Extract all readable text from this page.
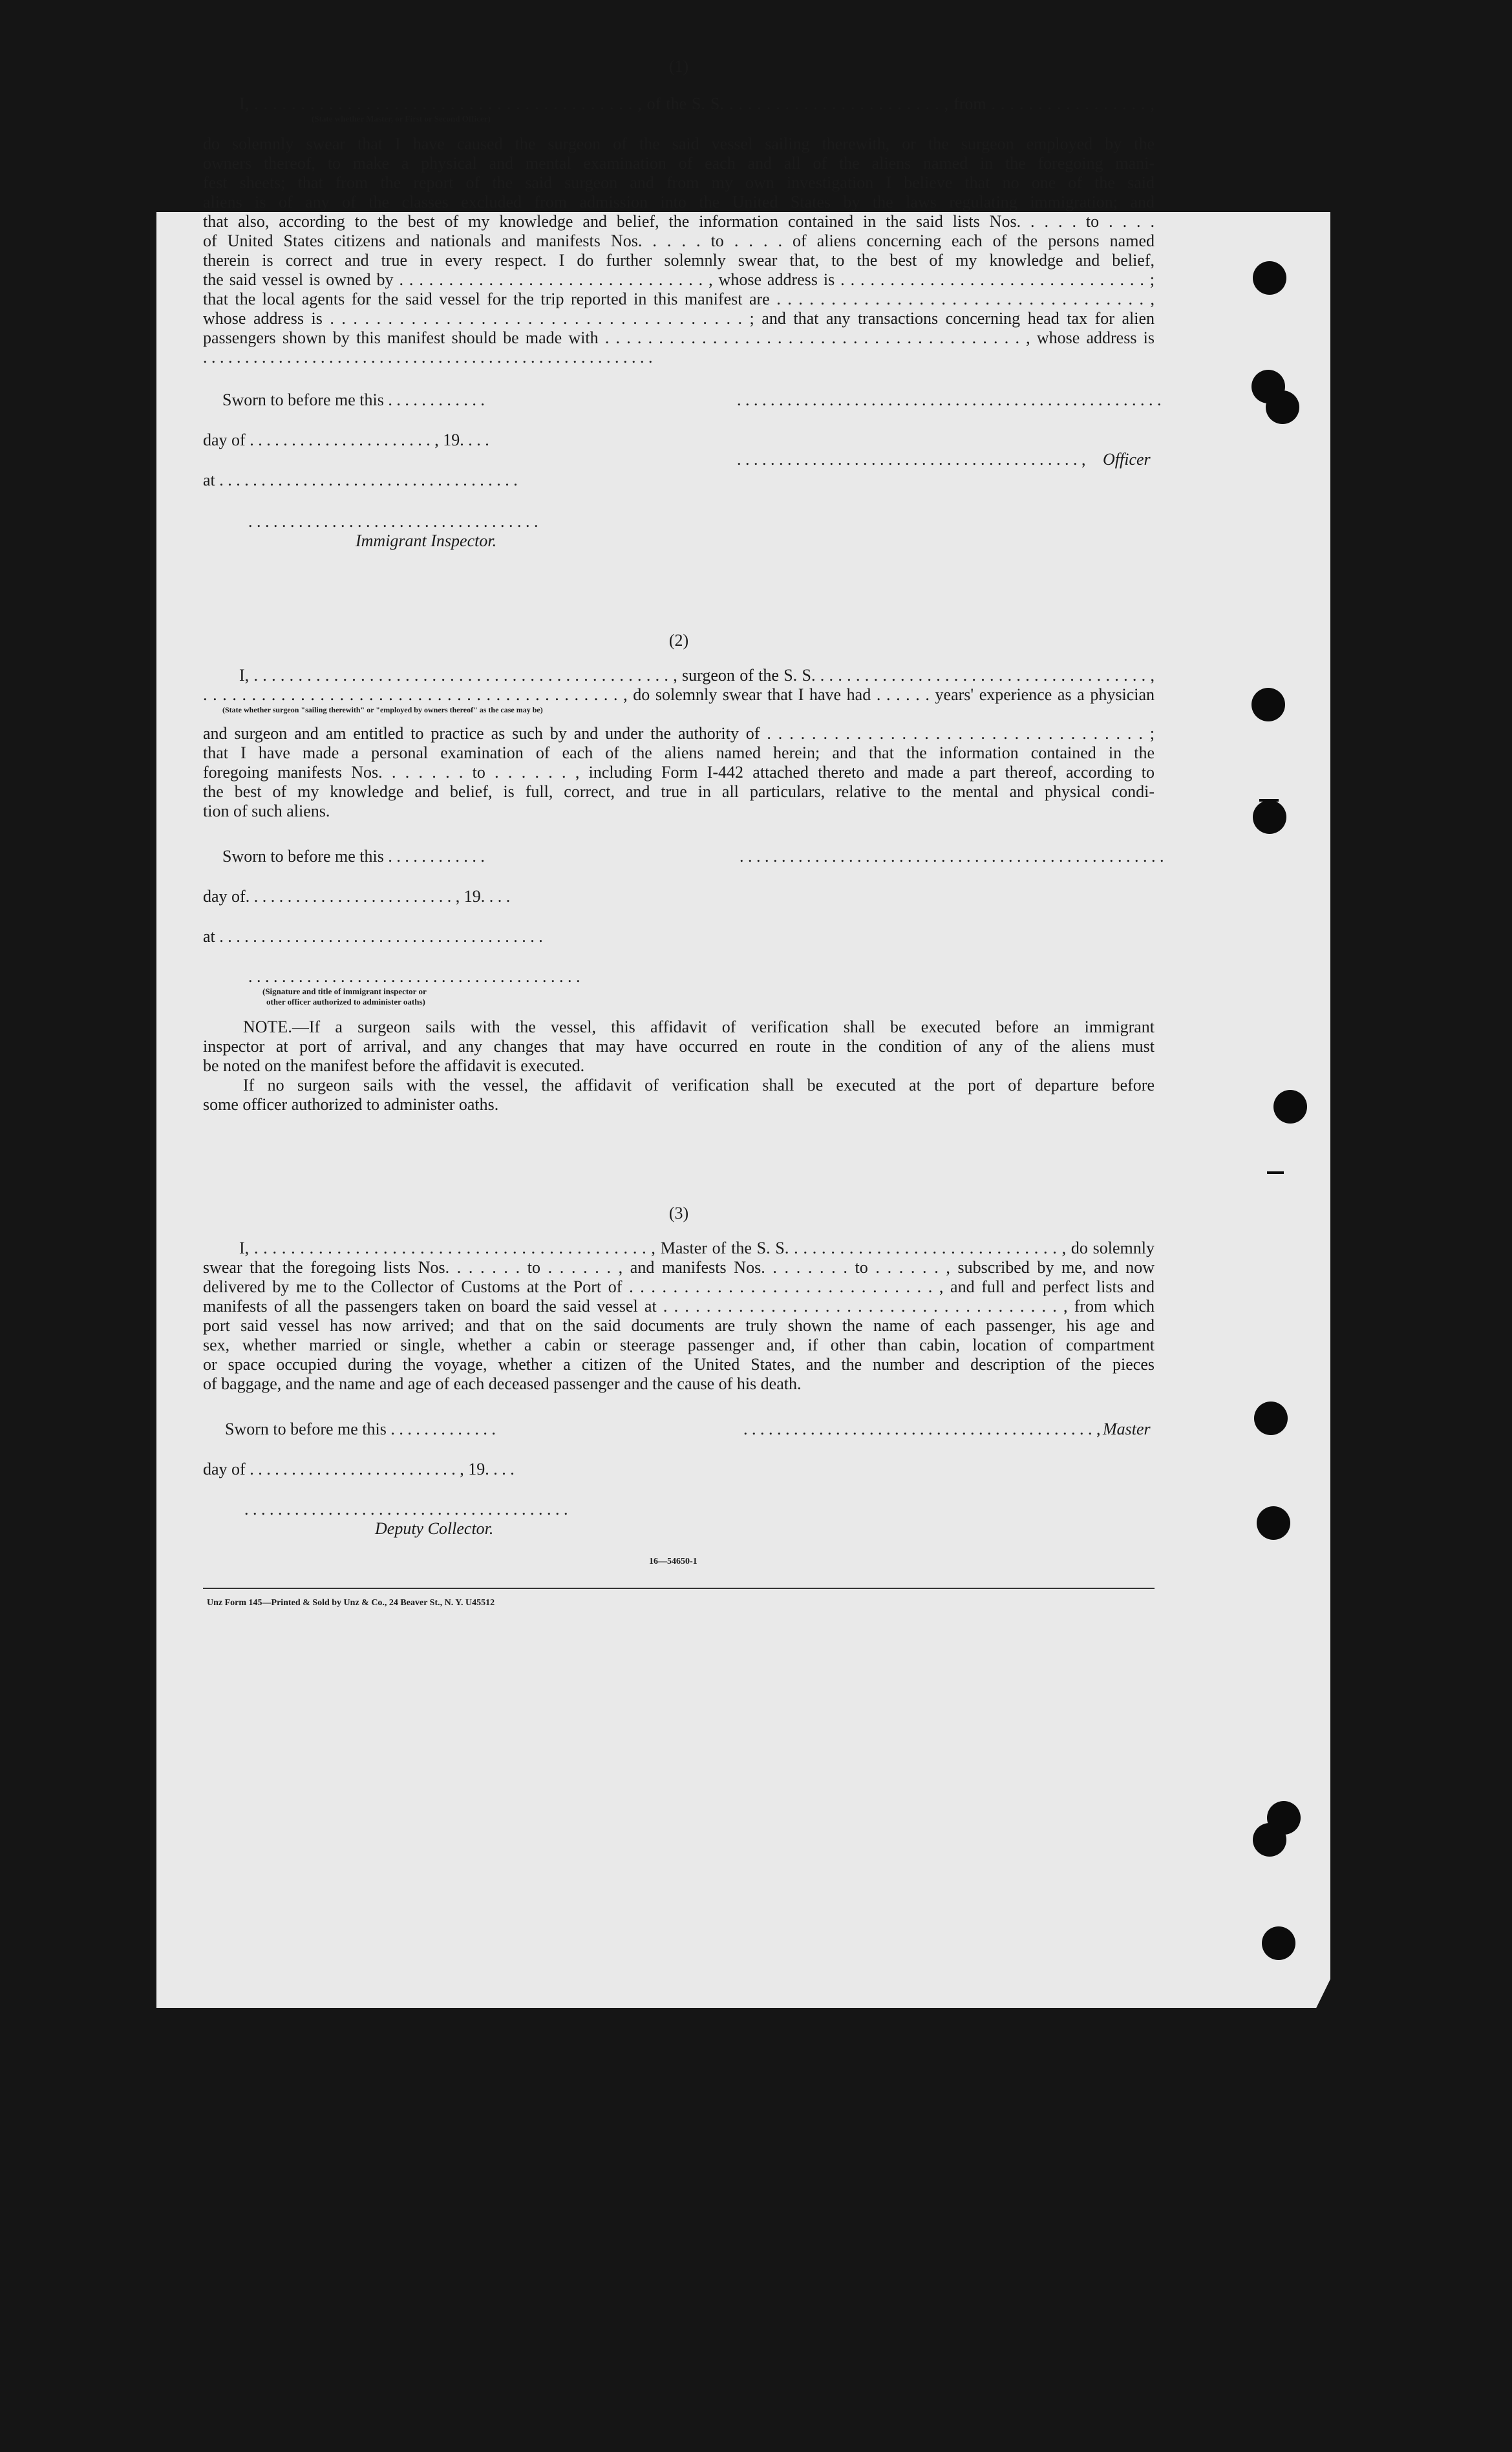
(1)
I, . . . . . . . . . . . . . . . . . . . . . . . . . . . . . . . . . . . . . . . . . , of the S. S. . . . . . . . . . . . . . . . . . . . . . . . , from . . . . . . . . . . . . . . . . . ,
(State whether Master, or First or Second Officer)
do solemnly swear that I have caused the surgeon of the said vessel sailing therewith, or the surgeon employed by the
owners thereof, to make a physical and mental examination of each and all of the aliens named in the foregoing mani-
fest sheets; that from the report of the said surgeon and from my own investigation I believe that no one of the said
aliens is of any of the classes excluded from admission into the United States by the laws regulating immigration; and
that also, according to the best of my knowledge and belief, the information contained in the said lists Nos. . . . . to . . . .
of United States citizens and nationals and manifests Nos. . . . . to . . . . of aliens concerning each of the persons named
therein is correct and true in every respect. I do further solemnly swear that, to the best of my knowledge and belief,
the said vessel is owned by . . . . . . . . . . . . . . . . . . . . . . . . . . . . . . . , whose address is . . . . . . . . . . . . . . . . . . . . . . . . . . . . . . . ;
that the local agents for the said vessel for the trip reported in this manifest are . . . . . . . . . . . . . . . . . . . . . . . . . . . . . . . . . . ,
whose address is . . . . . . . . . . . . . . . . . . . . . . . . . . . . . . . . . . . . ; and that any transactions concerning head tax for alien
passengers shown by this manifest should be made with . . . . . . . . . . . . . . . . . . . . . . . . . . . . . . . . . . . . . . . , whose address is
. . . . . . . . . . . . . . . . . . . . . . . . . . . . . . . . . . . . . . . . . . . . . . . . . . . . . .
Sworn to before me this . . . . . . . . . . . .	. . . . . . . . . . . . . . . . . . . . . . . . . . . . . . . . . . . . . . . . . . . . . . . . . . .
day of . . . . . . . . . . . . . . . . . . . . . . , 19. . . .
. . . . . . . . . . . . . . . . . . . . . . . . . . . . . . . . . . . . . . . . . , Officer
at . . . . . . . . . . . . . . . . . . . . . . . . . . . . . . . . . . . .
. . . . . . . . . . . . . . . . . . . . . . . . . . . . . . . . . . .
Immigrant Inspector.
(2)
I, . . . . . . . . . . . . . . . . . . . . . . . . . . . . . . . . . . . . . . . . . . . . . . . , surgeon of the S. S. . . . . . . . . . . . . . . . . . . . . . . . . . . . . . . . . . . . . . ,
. . . . . . . . . . . . . . . . . . . . . . . . . . . . . . . . . . . . . . . . . . . , do solemnly swear that I have had . . . . . . years' experience as a physician
(State whether surgeon "sailing therewith" or "employed by owners thereof" as the case may be)
and surgeon and am entitled to practice as such by and under the authority of . . . . . . . . . . . . . . . . . . . . . . . . . . . . . . . . . . ;
that I have made a personal examination of each of the aliens named herein; and that the information contained in the
foregoing manifests Nos. . . . . . . to . . . . . . , including Form I-442 attached thereto and made a part thereof, according to
the best of my knowledge and belief, is full, correct, and true in all particulars, relative to the mental and physical condi-
tion of such aliens.
Sworn to before me this . . . . . . . . . . . .	. . . . . . . . . . . . . . . . . . . . . . . . . . . . . . . . . . . . . . . . . . . . . . . . . . .
day of. . . . . . . . . . . . . . . . . . . . . . . . . , 19. . . .
at . . . . . . . . . . . . . . . . . . . . . . . . . . . . . . . . . . . . . . .
. . . . . . . . . . . . . . . . . . . . . . . . . . . . . . . . . . . . . . . .
(Signature and title of immigrant inspector or
other officer authorized to administer oaths)
NOTE.—If a surgeon sails with the vessel, this affidavit of verification shall be executed before an immigrant
inspector at port of arrival, and any changes that may have occurred en route in the condition of any of the aliens must
be noted on the manifest before the affidavit is executed.
If no surgeon sails with the vessel, the affidavit of verification shall be executed at the port of departure before
some officer authorized to administer oaths.
(3)
I, . . . . . . . . . . . . . . . . . . . . . . . . . . . . . . . . . . . . . . . . . . . , Master of the S. S. . . . . . . . . . . . . . . . . . . . . . . . . . . . . . , do solemnly
swear that the foregoing lists Nos. . . . . . . to . . . . . . , and manifests Nos. . . . . . . . to . . . . . . , subscribed by me, and now
delivered by me to the Collector of Customs at the Port of . . . . . . . . . . . . . . . . . . . . . . . . . . . . , and full and perfect lists and
manifests of all the passengers taken on board the said vessel at . . . . . . . . . . . . . . . . . . . . . . . . . . . . . . . . . . . . . , from which
port said vessel has now arrived; and that on the said documents are truly shown the name of each passenger, his age and
sex, whether married or single, whether a cabin or steerage passenger and, if other than cabin, location of compartment
or space occupied during the voyage, whether a citizen of the United States, and the number and description of the pieces
of baggage, and the name and age of each deceased passenger and the cause of his death.
Sworn to before me this . . . . . . . . . . . . .	. . . . . . . . . . . . . . . . . . . . . . . . . . . . . . . . . . . . . . . . . . , Master
day of . . . . . . . . . . . . . . . . . . . . . . . . . , 19. . . .
. . . . . . . . . . . . . . . . . . . . . . . . . . . . . . . . . . . . . . .
Deputy Collector.
16—54650-1
Unz Form 145—Printed & Sold by Unz & Co., 24 Beaver St., N. Y. U45512
